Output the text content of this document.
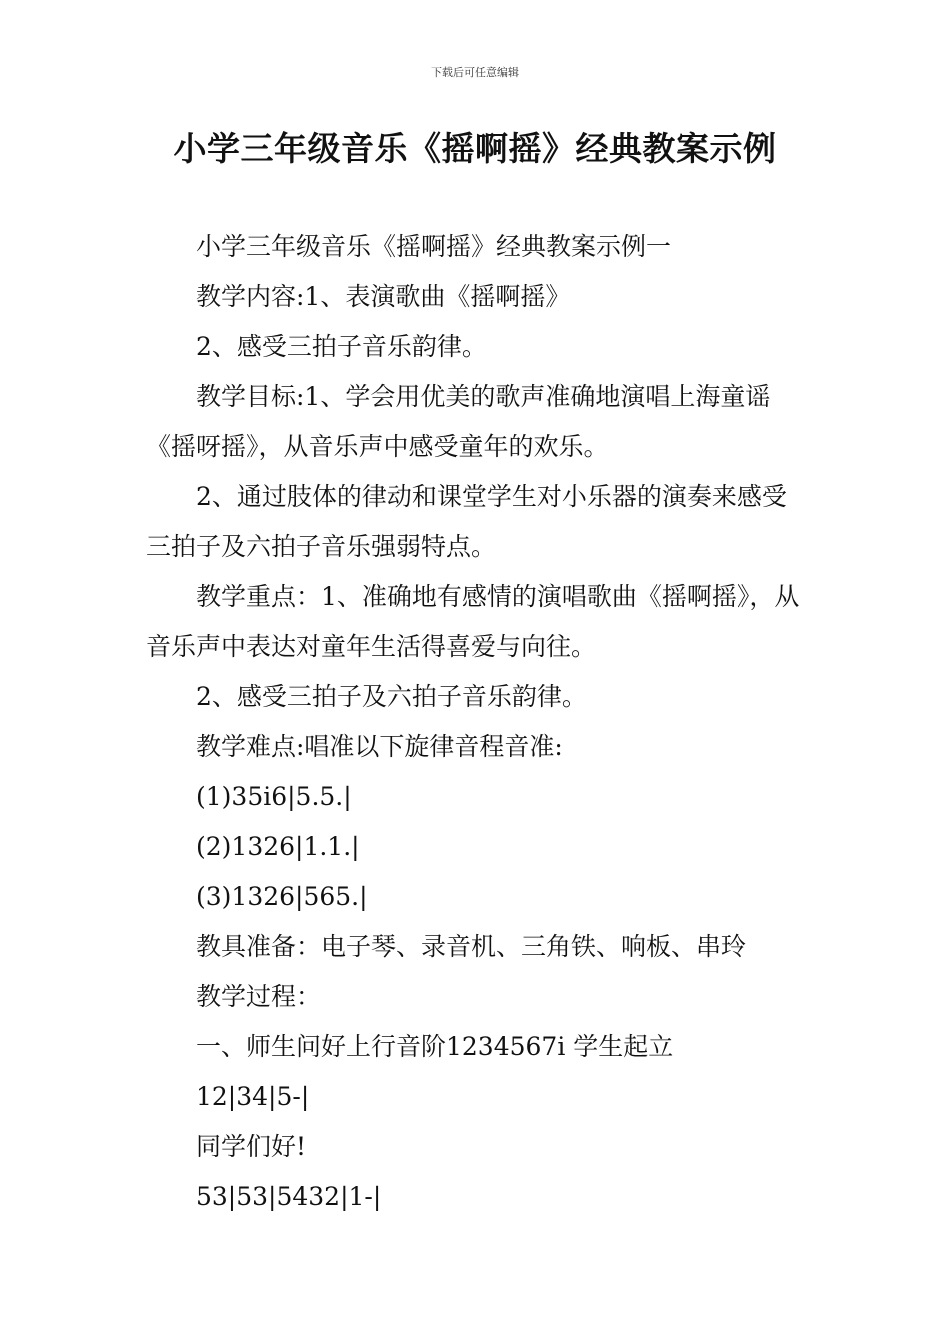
下载后可任意编辑
小学三年级音乐《摇啊摇》经典教案示例

小学三年级音乐《摇啊摇》经典教案示例一

教学内容:1、表演歌曲《摇啊摇》

2、感受三拍子音乐韵律。

教学目标:1、学会用优美的歌声准确地演唱上海童谣《摇呀摇》，从音乐声中感受童年的欢乐。

2、通过肢体的律动和课堂学生对小乐器的演奏来感受三拍子及六拍子音乐强弱特点。

教学重点：1、准确地有感情的演唱歌曲《摇啊摇》，从音乐声中表达对童年生活得喜爱与向往。

2、感受三拍子及六拍子音乐韵律。

教学难点:唱准以下旋律音程音准:

(1)35i6|5.5.|

(2)1326|1.1.|

(3)1326|565.|

教具准备：电子琴、录音机、三角铁、响板、串玲

教学过程：

一、师生问好上行音阶1234567i 学生起立

12|34|5-|

同学们好!

53|53|5432|1-|
